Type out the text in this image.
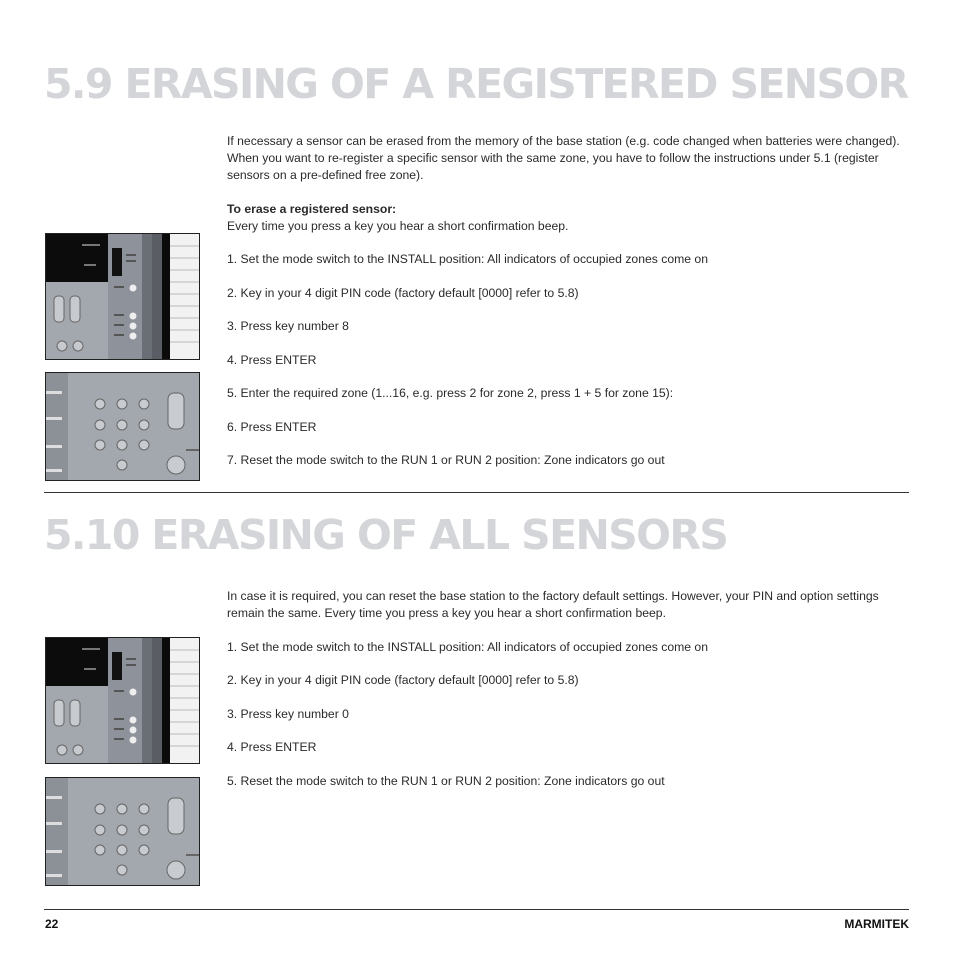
5.9 ERASING OF A REGISTERED SENSOR

If necessary a sensor can be erased from the memory of the base station (e.g. code changed when batteries were changed). When you want to re-register a specific sensor with the same zone, you have to follow the instructions under 5.1 (register sensors on a pre-defined free zone).

To erase a registered sensor:

Every time you press a key you hear a short confirmation beep.

1. Set the mode switch to the INSTALL position: All indicators of occupied zones come on

2. Key in your 4 digit PIN code (factory default [0000] refer to 5.8)

3. Press key number 8

4. Press ENTER

5. Enter the required zone (1...16, e.g. press 2 for zone 2, press 1 + 5 for zone 15):

6. Press ENTER

7. Reset the mode switch to the RUN 1 or RUN 2 position: Zone indicators go out

5.10 ERASING OF ALL SENSORS

In case it is required, you can reset the base station to the factory default settings. However, your PIN and option settings remain the same. Every time you press a key you hear a short confirmation beep.

1. Set the mode switch to the INSTALL position: All indicators of occupied zones come on

2. Key in your 4 digit PIN code (factory default [0000] refer to 5.8)

3. Press key number 0

4. Press ENTER

5. Reset the mode switch to the RUN 1 or RUN 2 position: Zone indicators go out

22	MARMITEK
